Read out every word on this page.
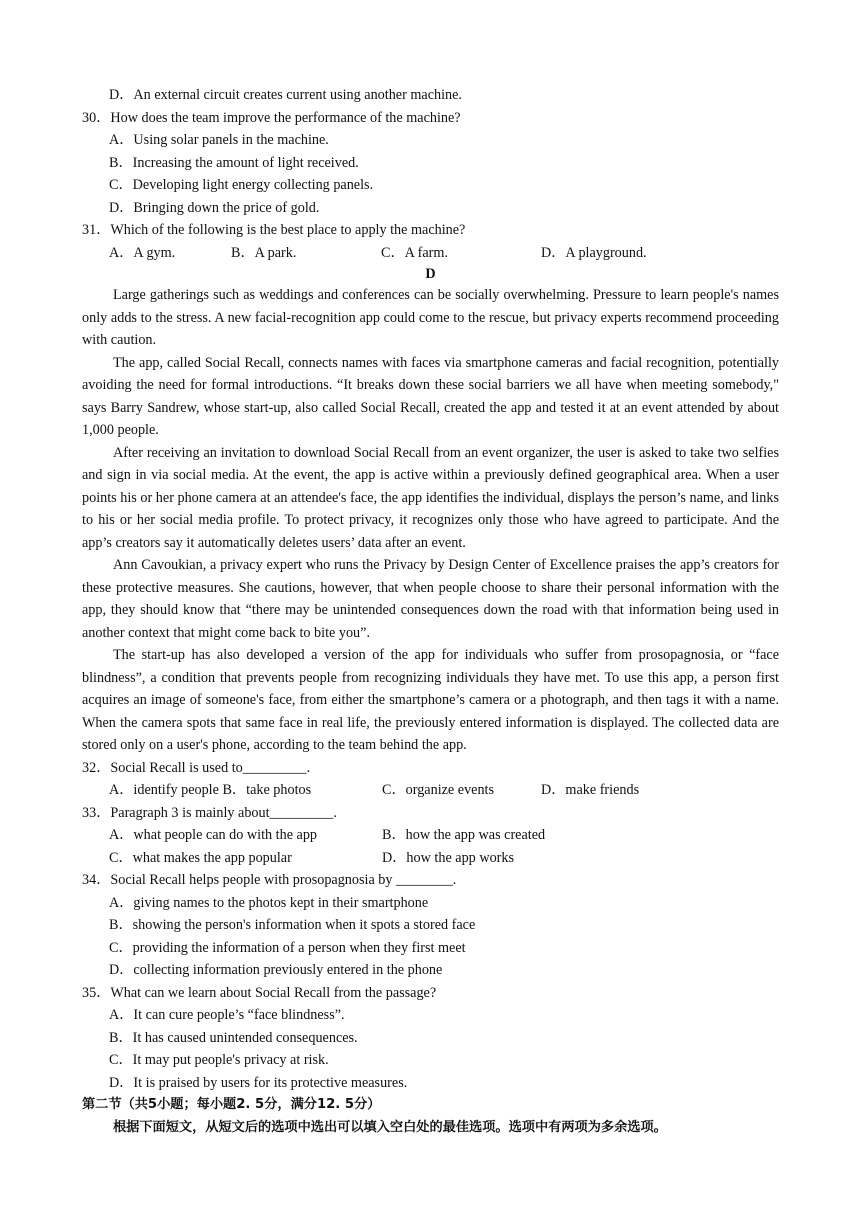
D．An external circuit creates current using another machine.
30．How does the team improve the performance of the machine?
A．Using solar panels in the machine.
B．Increasing the amount of light received.
C．Developing light energy collecting panels.
D．Bringing down the price of gold.
31．Which of the following is the best place to apply the machine?
A．A gym.	B．A park.	C．A farm.	D．A playground.
D

Large gatherings such as weddings and conferences can be socially overwhelming. Pressure to learn people's names only adds to the stress. A new facial-recognition app could come to the rescue, but privacy experts recommend proceeding with caution.

The app, called Social Recall, connects names with faces via smartphone cameras and facial recognition, potentially avoiding the need for formal introductions. “It breaks down these social barriers we all have when meeting somebody," says Barry Sandrew, whose start-up, also called Social Recall, created the app and tested it at an event attended by about 1,000 people.

After receiving an invitation to download Social Recall from an event organizer, the user is asked to take two selfies and sign in via social media. At the event, the app is active within a previously defined geographical area. When a user points his or her phone camera at an attendee's face, the app identifies the individual, displays the person’s name, and links to his or her social media profile. To protect privacy, it recognizes only those who have agreed to participate. And the app’s creators say it automatically deletes users’ data after an event.

Ann Cavoukian, a privacy expert who runs the Privacy by Design Center of Excellence praises the app’s creators for these protective measures. She cautions, however, that when people choose to share their personal information with the app, they should know that “there may be unintended consequences down the road with that information being used in another context that might come back to bite you”.

The start-up has also developed a version of the app for individuals who suffer from prosopagnosia, or “face blindness”, a condition that prevents people from recognizing individuals they have met. To use this app, a person first acquires an image of someone's face, from either the smartphone’s camera or a photograph, and then tags it with a name. When the camera spots that same face in real life, the previously entered information is displayed. The collected data are stored only on a user's phone, according to the team behind the app.

32．Social Recall is used to_________.
A．identify people B．take photos	C．organize events	D．make friends
33．Paragraph 3 is mainly about_________.
A．what people can do with the app	B．how the app was created
C．what makes the app popular	D．how the app works
34．Social Recall helps people with prosopagnosia by ________.
A．giving names to the photos kept in their smartphone
B．showing the person's information when it spots a stored face
C．providing the information of a person when they first meet
D．collecting information previously entered in the phone
35．What can we learn about Social Recall from the passage?
A．It can cure people’s “face blindness”.
B．It has caused unintended consequences.
C．It may put people's privacy at risk.
D．It is praised by users for its protective measures.
第二节（共5小题；每小题2. 5分，满分12. 5分）
根据下面短文，从短文后的选项中选出可以填入空白处的最佳选项。选项中有两项为多余选项。
